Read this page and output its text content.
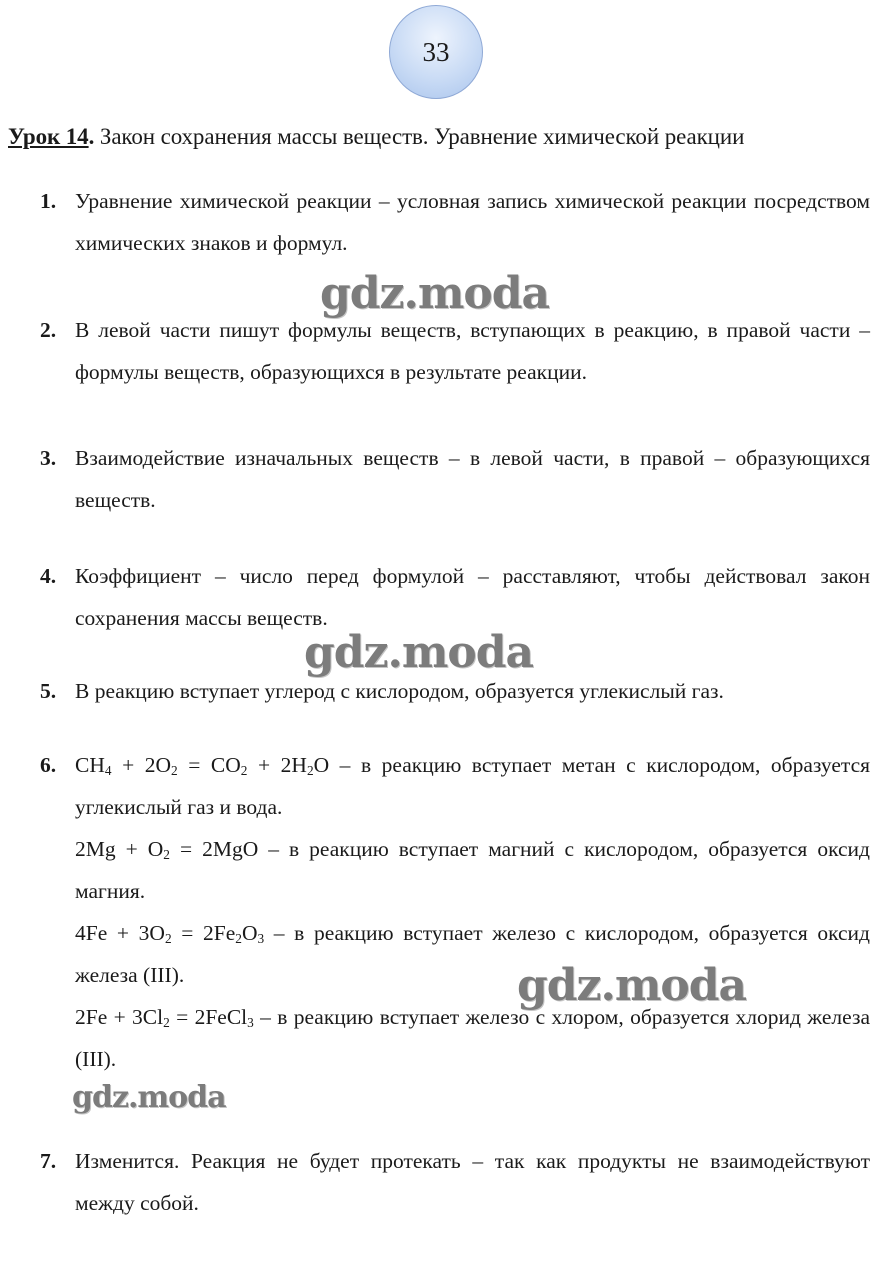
33
Урок 14. Закон сохранения массы веществ. Уравнение химической реакции
1. Уравнение химической реакции – условная запись химической реакции посредством химических знаков и формул.

2. В левой части пишут формулы веществ, вступающих в реакцию, в правой части – формулы веществ, образующихся в результате реакции.

3. Взаимодействие изначальных веществ – в левой части, в правой – образующихся веществ.

4. Коэффициент – число перед формулой – расставляют, чтобы действовал закон сохранения массы веществ.

5. В реакцию вступает углерод с кислородом, образуется углекислый газ.

6. $CH_4 + 2O_2 = CO_2 + 2H_2O - в$ реакцию вступает метан с кислородом, образуется углекислый газ и вода.

$2Mg + O_2 = 2MgO - в$ реакцию вступает магний с кислородом, образуется оксид магния.

$4Fe + 3O_2 = 2Fe_2O_3 - в$ реакцию вступает железо с кислородом, образуется оксид железа (III).

$2Fe + 3Cl_2$ = 2FeCl$_3$ – в реакцию вступает железо с хлором, образуется хлорид железа (III).

7. Изменится. Реакция не будет протекать – так как продукты не взаимодействуют между собой.

gdz.moda
gdz.moda
gdz.moda
gdz.moda
